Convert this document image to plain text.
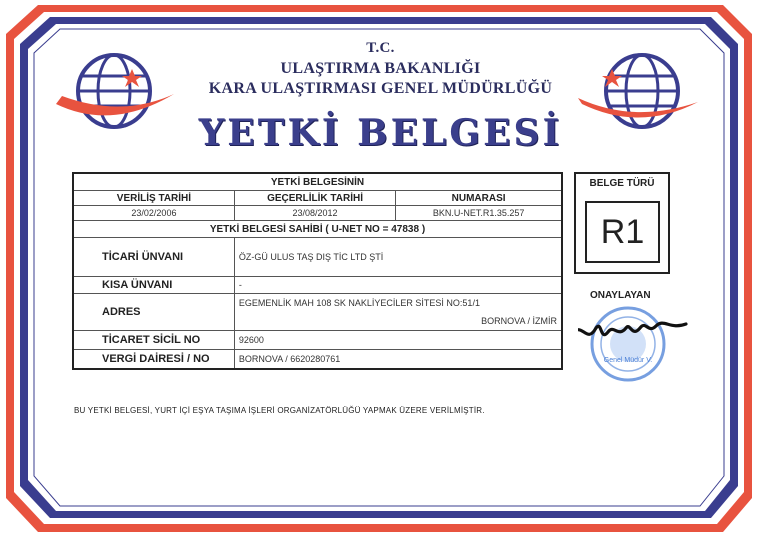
T.C.
ULAŞTIRMA BAKANLIĞI
KARA ULAŞTIRMASI GENEL MÜDÜRLÜĞÜ
YETKİ BELGESİ
YETKİ BELGESİNİN		
VERİLİŞ TARİHİ	GEÇERLİLİK TARİHİ	NUMARASI
23/02/2006	23/08/2012	BKN.U-NET.R1.35.257
YETKİ BELGESİ SAHİBİ ( U-NET NO = 47838 )		
TİCARİ ÜNVANI	ÖZ-GÜ ULUS TAŞ DIŞ TİC LTD ŞTİ	
KISA ÜNVANI	-	
ADRES	EGEMENLİK MAH 108 SK NAKLİYECİLER SİTESİ NO:51/1
BORNOVA / İZMİR	

TİCARET SİCİL NO	92600	
VERGİ DAİRESİ / NO	BORNOVA / 6620280761	
BELGE TÜRÜ
R1
ONAYLAYAN
Genel Müdür V.
BU YETKİ BELGESİ, YURT İÇİ EŞYA TAŞIMA İŞLERİ ORGANİZATÖRLÜĞÜ YAPMAK ÜZERE VERİLMİŞTİR.
